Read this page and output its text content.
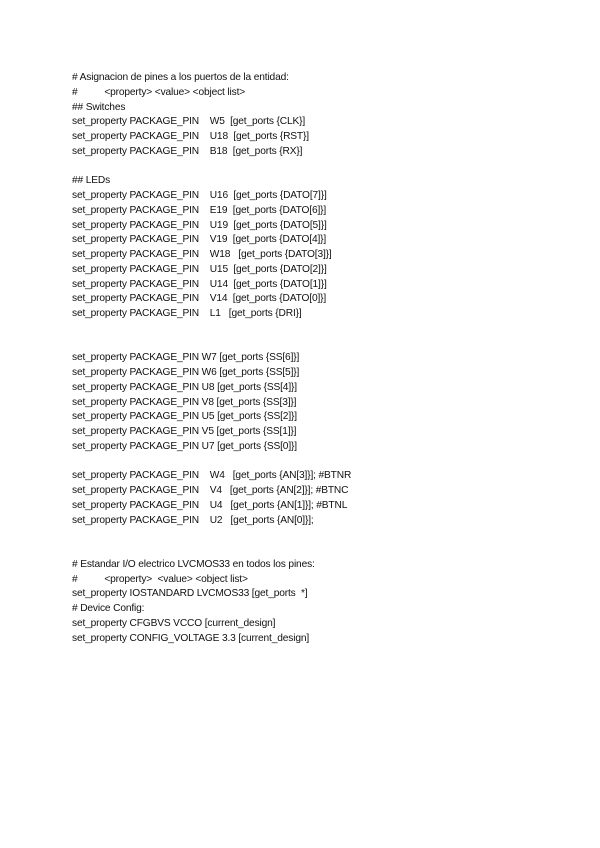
# Asignacion de pines a los puertos de la entidad:
#          <property> <value> <object list>
## Switches
set_property PACKAGE_PIN    W5  [get_ports {CLK}]
set_property PACKAGE_PIN    U18  [get_ports {RST}]
set_property PACKAGE_PIN    B18  [get_ports {RX}]
## LEDs
set_property PACKAGE_PIN    U16  [get_ports {DATO[7]}]
set_property PACKAGE_PIN    E19  [get_ports {DATO[6]}]
set_property PACKAGE_PIN    U19  [get_ports {DATO[5]}]
set_property PACKAGE_PIN    V19  [get_ports {DATO[4]}]
set_property PACKAGE_PIN    W18   [get_ports {DATO[3]}]
set_property PACKAGE_PIN    U15  [get_ports {DATO[2]}]
set_property PACKAGE_PIN    U14  [get_ports {DATO[1]}]
set_property PACKAGE_PIN    V14  [get_ports {DATO[0]}]
set_property PACKAGE_PIN    L1   [get_ports {DRI}]
set_property PACKAGE_PIN W7 [get_ports {SS[6]}]
set_property PACKAGE_PIN W6 [get_ports {SS[5]}]
set_property PACKAGE_PIN U8 [get_ports {SS[4]}]
set_property PACKAGE_PIN V8 [get_ports {SS[3]}]
set_property PACKAGE_PIN U5 [get_ports {SS[2]}]
set_property PACKAGE_PIN V5 [get_ports {SS[1]}]
set_property PACKAGE_PIN U7 [get_ports {SS[0]}]
set_property PACKAGE_PIN    W4   [get_ports {AN[3]}]; #BTNR
set_property PACKAGE_PIN    V4   [get_ports {AN[2]}]; #BTNC
set_property PACKAGE_PIN    U4   [get_ports {AN[1]}]; #BTNL
set_property PACKAGE_PIN    U2   [get_ports {AN[0]}];
# Estandar I/O electrico LVCMOS33 en todos los pines:
#          <property>  <value> <object list>
set_property IOSTANDARD LVCMOS33 [get_ports  *]
# Device Config:
set_property CFGBVS VCCO [current_design]
set_property CONFIG_VOLTAGE 3.3 [current_design]
